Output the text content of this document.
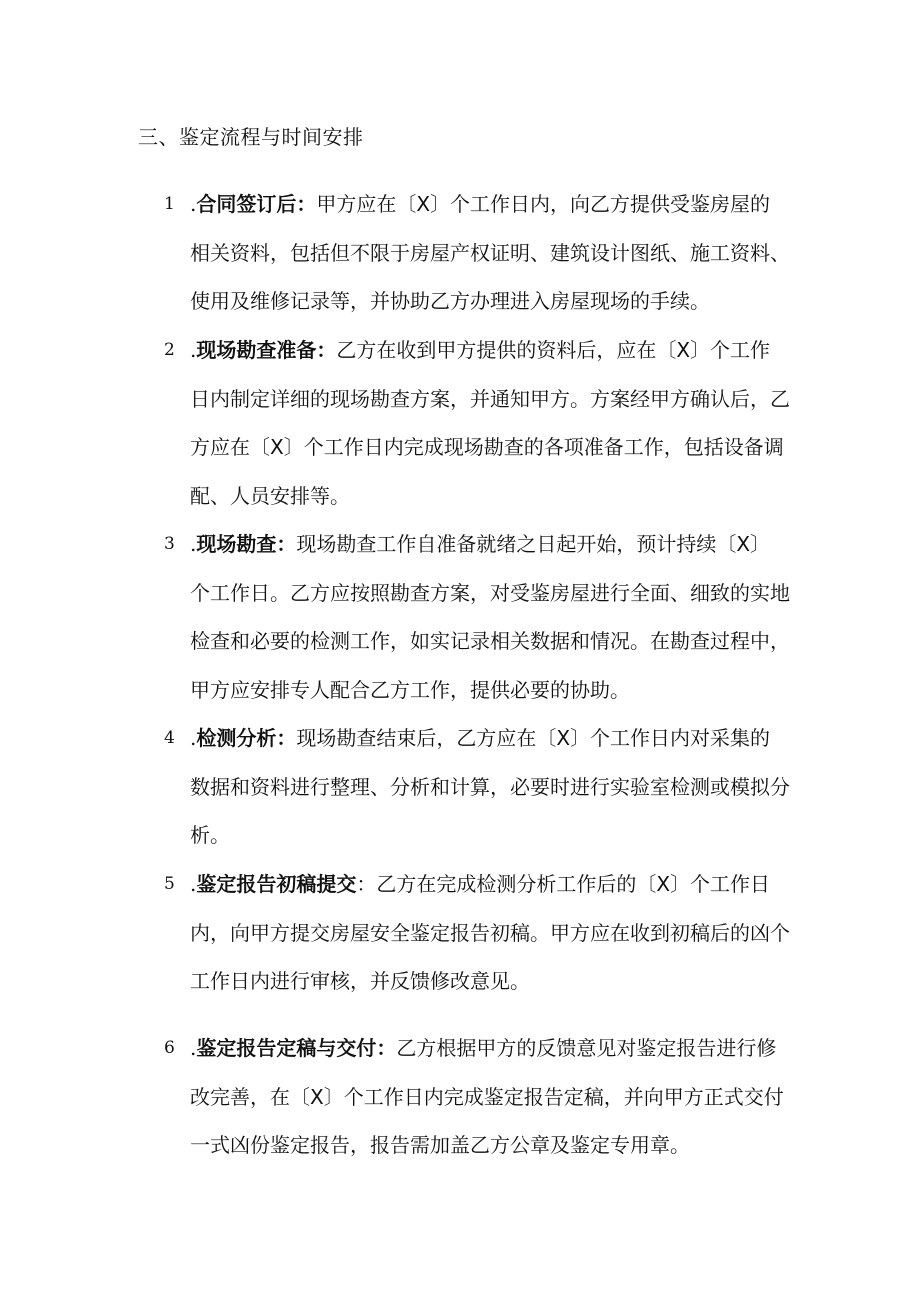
三、鉴定流程与时间安排
1 .合同签订后：甲方应在〔X〕个工作日内，向乙方提供受鉴房屋的相关资料，包括但不限于房屋产权证明、建筑设计图纸、施工资料、使用及维修记录等，并协助乙方办理进入房屋现场的手续。
2 .现场勘查准备：乙方在收到甲方提供的资料后，应在〔X〕个工作日内制定详细的现场勘查方案，并通知甲方。方案经甲方确认后，乙方应在〔X〕个工作日内完成现场勘查的各项准备工作，包括设备调配、人员安排等。
3 .现场勘查：现场勘查工作自准备就绪之日起开始，预计持续〔X〕个工作日。乙方应按照勘查方案，对受鉴房屋进行全面、细致的实地检查和必要的检测工作，如实记录相关数据和情况。在勘查过程中，甲方应安排专人配合乙方工作，提供必要的协助。
4 .检测分析：现场勘查结束后，乙方应在〔X〕个工作日内对采集的数据和资料进行整理、分析和计算，必要时进行实验室检测或模拟分析。
5 .鉴定报告初稿提交：乙方在完成检测分析工作后的〔X〕个工作日内，向甲方提交房屋安全鉴定报告初稿。甲方应在收到初稿后的凶个工作日内进行审核，并反馈修改意见。
6 .鉴定报告定稿与交付：乙方根据甲方的反馈意见对鉴定报告进行修改完善，在〔X〕个工作日内完成鉴定报告定稿，并向甲方正式交付一式凶份鉴定报告，报告需加盖乙方公章及鉴定专用章。
